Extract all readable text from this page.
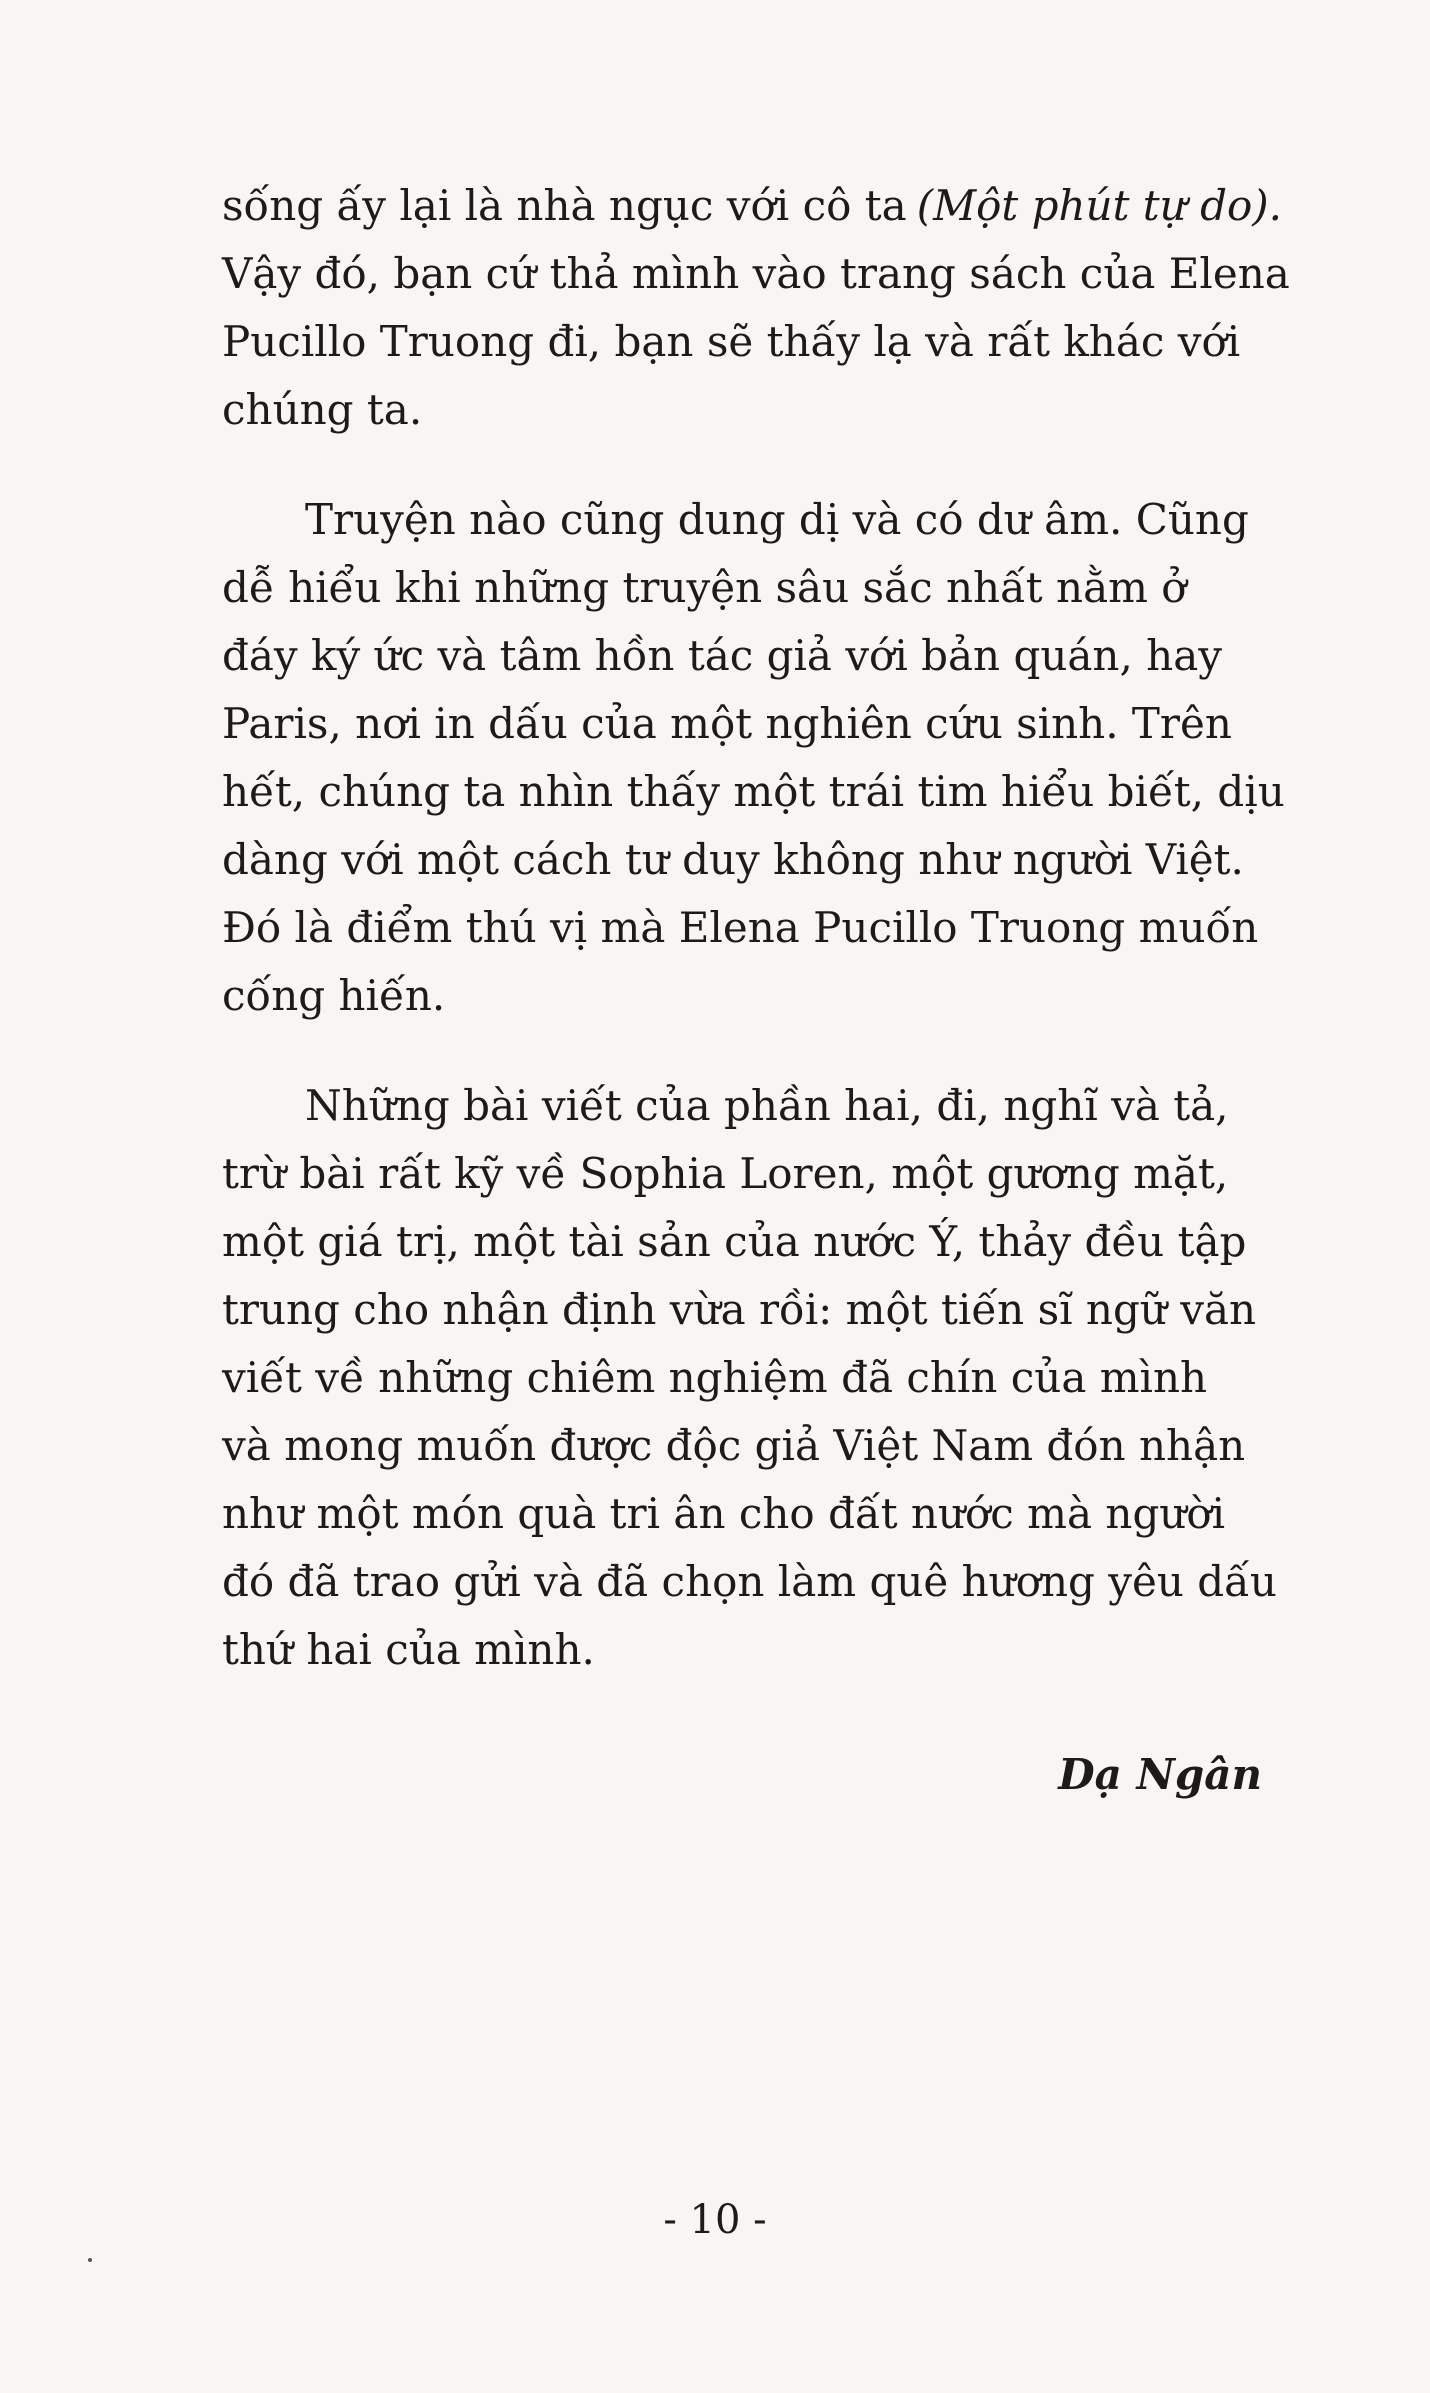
sống ấy lại là nhà ngục với cô ta (Một phút tự do).
Vậy đó, bạn cứ thả mình vào trang sách của Elena
Pucillo Truong đi, bạn sẽ thấy lạ và rất khác với
chúng ta.
Truyện nào cũng dung dị và có dư âm. Cũng
dễ hiểu khi những truyện sâu sắc nhất nằm ở
đáy ký ức và tâm hồn tác giả với bản quán, hay
Paris, nơi in dấu của một nghiên cứu sinh. Trên
hết, chúng ta nhìn thấy một trái tim hiểu biết, dịu
dàng với một cách tư duy không như người Việt.
Đó là điểm thú vị mà Elena Pucillo Truong muốn
cống hiến.
Những bài viết của phần hai, đi, nghĩ và tả,
trừ bài rất kỹ về Sophia Loren, một gương mặt,
một giá trị, một tài sản của nước Ý, thảy đều tập
trung cho nhận định vừa rồi: một tiến sĩ ngữ văn
viết về những chiêm nghiệm đã chín của mình
và mong muốn được độc giả Việt Nam đón nhận
như một món quà tri ân cho đất nước mà người
đó đã trao gửi và đã chọn làm quê hương yêu dấu
thứ hai của mình.
Dạ Ngân
- 10 -
